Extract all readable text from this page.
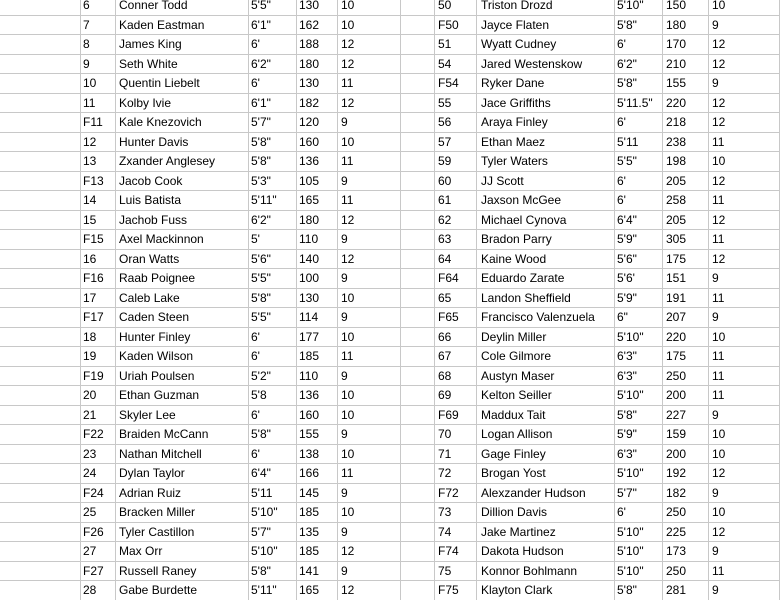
6	Conner Todd	5'5"	130	10
7	Kaden Eastman	6'1"	162	10
8	James King	6'	188	12
9	Seth White	6'2"	180	12
10	Quentin Liebelt	6'	130	11
11	Kolby Ivie	6'1"	182	12
F11	Kale Knezovich	5'7"	120	9
12	Hunter Davis	5'8"	160	10
13	Zxander Anglesey	5'8"	136	11
F13	Jacob Cook	5'3"	105	9
14	Luis Batista	5'11"	165	11
15	Jachob Fuss	6'2"	180	12
F15	Axel Mackinnon	5'	110	9
16	Oran Watts	5'6"	140	12
F16	Raab Poignee	5'5"	100	9
17	Caleb Lake	5'8"	130	10
F17	Caden Steen	5'5"	114	9
18	Hunter Finley	6'	177	10
19	Kaden Wilson	6'	185	11
F19	Uriah Poulsen	5'2"	110	9
20	Ethan Guzman	5'8	136	10
21	Skyler Lee	6'	160	10
F22	Braiden McCann	5'8"	155	9
23	Nathan Mitchell	6'	138	10
24	Dylan Taylor	6'4"	166	11
F24	Adrian Ruiz	5'11	145	9
25	Bracken Miller	5'10"	185	10
F26	Tyler Castillon	5'7"	135	9
27	Max Orr	5'10"	185	12
F27	Russell Raney	5'8"	141	9
28	Gabe Burdette	5'11"	165	12
50	Triston Drozd	5'10"	150	10
F50	Jayce Flaten	5'8"	180	9
51	Wyatt Cudney	6'	170	12
54	Jared Westenskow	6'2"	210	12
F54	Ryker Dane	5'8"	155	9
55	Jace Griffiths	5'11.5"	220	12
56	Araya Finley	6'	218	12
57	Ethan Maez	5'11	238	11
59	Tyler Waters	5'5"	198	10
60	JJ Scott	6'	205	12
61	Jaxson McGee	6'	258	11
62	Michael Cynova	6'4"	205	12
63	Bradon Parry	5'9"	305	11
64	Kaine Wood	5'6"	175	12
F64	Eduardo Zarate	5'6'	151	9
65	Landon Sheffield	5'9"	191	11
F65	Francisco Valenzuela	6"	207	9
66	Deylin Miller	5'10"	220	10
67	Cole Gilmore	6'3"	175	11
68	Austyn Maser	6'3"	250	11
69	Kelton Seiller	5'10"	200	11
F69	Maddux Tait	5'8"	227	9
70	Logan Allison	5'9"	159	10
71	Gage Finley	6'3"	200	10
72	Brogan Yost	5'10"	192	12
F72	Alexzander Hudson	5'7"	182	9
73	Dillion Davis	6'	250	10
74	Jake Martinez	5'10"	225	12
F74	Dakota Hudson	5'10"	173	9
75	Konnor Bohlmann	5'10"	250	11
F75	Klayton Clark	5'8"	281	9
